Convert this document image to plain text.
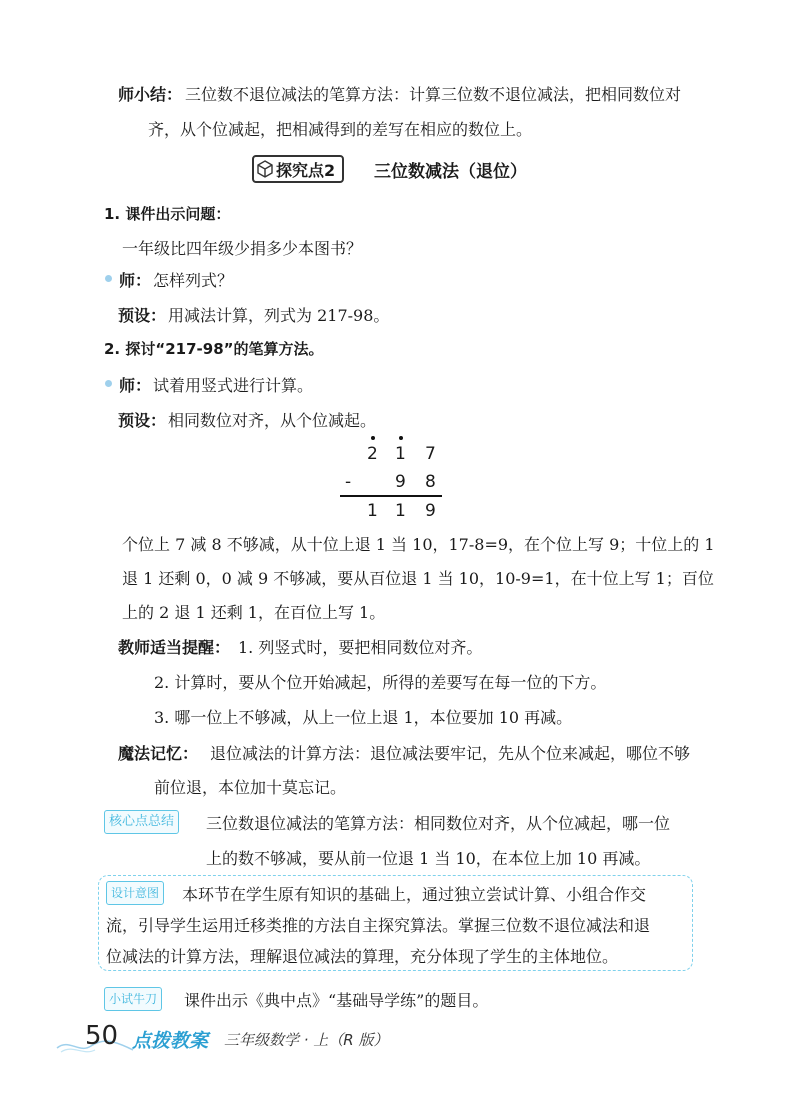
师小结： 三位数不退位减法的笔算方法：计算三位数不退位减法，把相同数位对
齐，从个位减起，把相减得到的差写在相应的数位上。
探究点2 三位数减法（退位）
1. 课件出示问题：
一年级比四年级少捐多少本图书？
师： 怎样列式？
预设： 用减法计算，列式为 217-98。
2. 探讨“217-98”的笔算方法。
师： 试着用竖式进行计算。
预设： 相同数位对齐，从个位减起。
2 1 7
-	9 8
1 1 9
个位上 7 减 8 不够减，从十位上退 1 当 10，17-8=9，在个位上写 9；十位上的 1
退 1 还剩 0，0 减 9 不够减，要从百位退 1 当 10，10-9=1，在十位上写 1；百位
上的 2 退 1 还剩 1，在百位上写 1。
教师适当提醒： 1. 列竖式时，要把相同数位对齐。
2. 计算时，要从个位开始减起，所得的差要写在每一位的下方。
3. 哪一位上不够减，从上一位上退 1，本位要加 10 再减。
魔法记忆： 退位减法的计算方法：退位减法要牢记，先从个位来减起，哪位不够
前位退，本位加十莫忘记。
核心点总结	三位数退位减法的笔算方法：相同数位对齐，从个位减起，哪一位
上的数不够减，要从前一位退 1 当 10，在本位上加 10 再减。
设计意图	本环节在学生原有知识的基础上，通过独立尝试计算、小组合作交
流，引导学生运用迁移类推的方法自主探究算法。掌握三位数不退位减法和退
位减法的计算方法，理解退位减法的算理，充分体现了学生的主体地位。
小试牛刀	课件出示《典中点》“基础导学练”的题目。
50 点拨教案 三年级数学 · 上（R 版）
